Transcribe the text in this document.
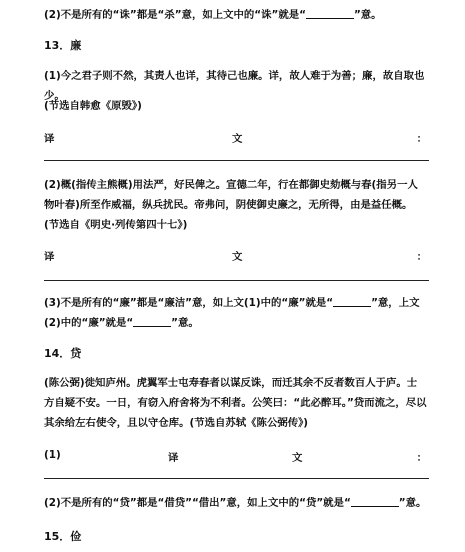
(2)不是所有的“诛”都是“杀”意，如上文中的“诛”就是“	”意。

13．廉

(1)今之君子则不然，其责人也详，其待己也廉。详，故人难于为善；廉，故自取也少。

(节选自韩愈《原毁》)

译	文	：

(2)概(指传主熊概)用法严，好民俾之。宣德二年，行在都御史劾概与春(指另一人物叶春)所至作威福，纵兵扰民。帝弗问，阴使御史廉之，无所得，由是益任概。(节选自《明史·列传第四十七》)

译	文	：

(3)不是所有的“廉”都是“廉洁”意，如上文(1)中的“廉”就是“	”意，上文(2)中的“廉”就是“	”意。

14．贷

(陈公弼)徙知庐州。虎翼军士屯寿春者以谋反诛，而迁其余不反者数百人于庐。士方自疑不安。一日，有窃入府舍将为不利者。公笑曰：“此必醉耳。”贷而流之，尽以其余给左右使令，且以守仓库。(节选自苏轼《陈公弼传》)

(1)	译	文	：

(2)不是所有的“贷”都是“借贷”“借出”意，如上文中的“贷”就是“	”意。

15．俭
